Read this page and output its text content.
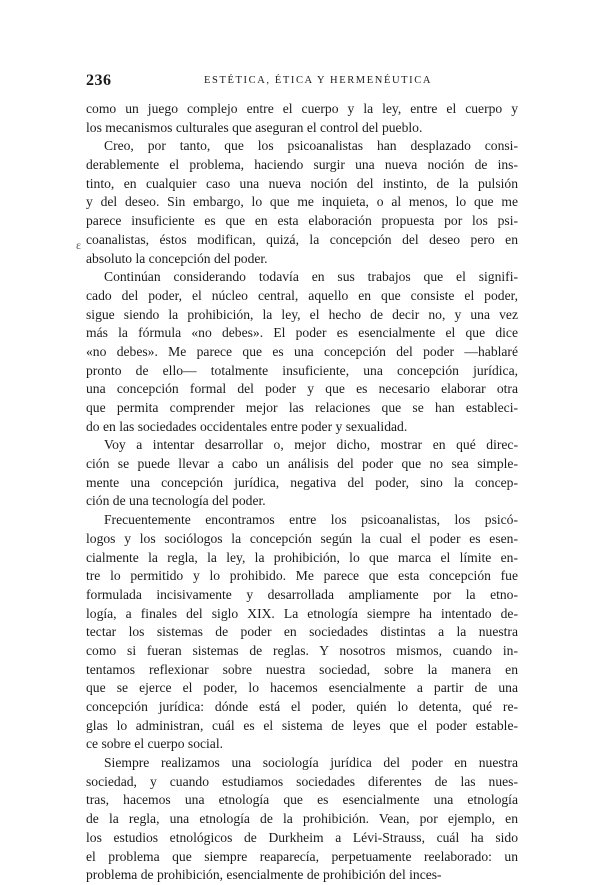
236	ESTÉTICA, ÉTICA Y HERMENÉUTICA
ɛ
como un juego complejo entre el cuerpo y la ley, entre el cuerpo y
los mecanismos culturales que aseguran el control del pueblo.
Creo, por tanto, que los psicoanalistas han desplazado consi-
derablemente el problema, haciendo surgir una nueva noción de ins-
tinto, en cualquier caso una nueva noción del instinto, de la pulsión
y del deseo. Sin embargo, lo que me inquieta, o al menos, lo que me
parece insuficiente es que en esta elaboración propuesta por los psi-
coanalistas, éstos modifican, quizá, la concepción del deseo pero en
absoluto la concepción del poder.
Continúan considerando todavía en sus trabajos que el signifi-
cado del poder, el núcleo central, aquello en que consiste el poder,
sigue siendo la prohibición, la ley, el hecho de decir no, y una vez
más la fórmula «no debes». El poder es esencialmente el que dice
«no debes». Me parece que es una concepción del poder —hablaré
pronto de ello— totalmente insuficiente, una concepción jurídica,
una concepción formal del poder y que es necesario elaborar otra
que permita comprender mejor las relaciones que se han estableci-
do en las sociedades occidentales entre poder y sexualidad.
Voy a intentar desarrollar o, mejor dicho, mostrar en qué direc-
ción se puede llevar a cabo un análisis del poder que no sea simple-
mente una concepción jurídica, negativa del poder, sino la concep-
ción de una tecnología del poder.
Frecuentemente encontramos entre los psicoanalistas, los psicó-
logos y los sociólogos la concepción según la cual el poder es esen-
cialmente la regla, la ley, la prohibición, lo que marca el límite en-
tre lo permitido y lo prohibido. Me parece que esta concepción fue
formulada incisivamente y desarrollada ampliamente por la etno-
logía, a finales del siglo XIX. La etnología siempre ha intentado de-
tectar los sistemas de poder en sociedades distintas a la nuestra
como si fueran sistemas de reglas. Y nosotros mismos, cuando in-
tentamos reflexionar sobre nuestra sociedad, sobre la manera en
que se ejerce el poder, lo hacemos esencialmente a partir de una
concepción jurídica: dónde está el poder, quién lo detenta, qué re-
glas lo administran, cuál es el sistema de leyes que el poder estable-
ce sobre el cuerpo social.
Siempre realizamos una sociología jurídica del poder en nuestra
sociedad, y cuando estudiamos sociedades diferentes de las nues-
tras, hacemos una etnología que es esencialmente una etnología
de la regla, una etnología de la prohibición. Vean, por ejemplo, en
los estudios etnológicos de Durkheim a Lévi-Strauss, cuál ha sido
el problema que siempre reaparecía, perpetuamente reelaborado: un
problema de prohibición, esencialmente de prohibición del inces-
